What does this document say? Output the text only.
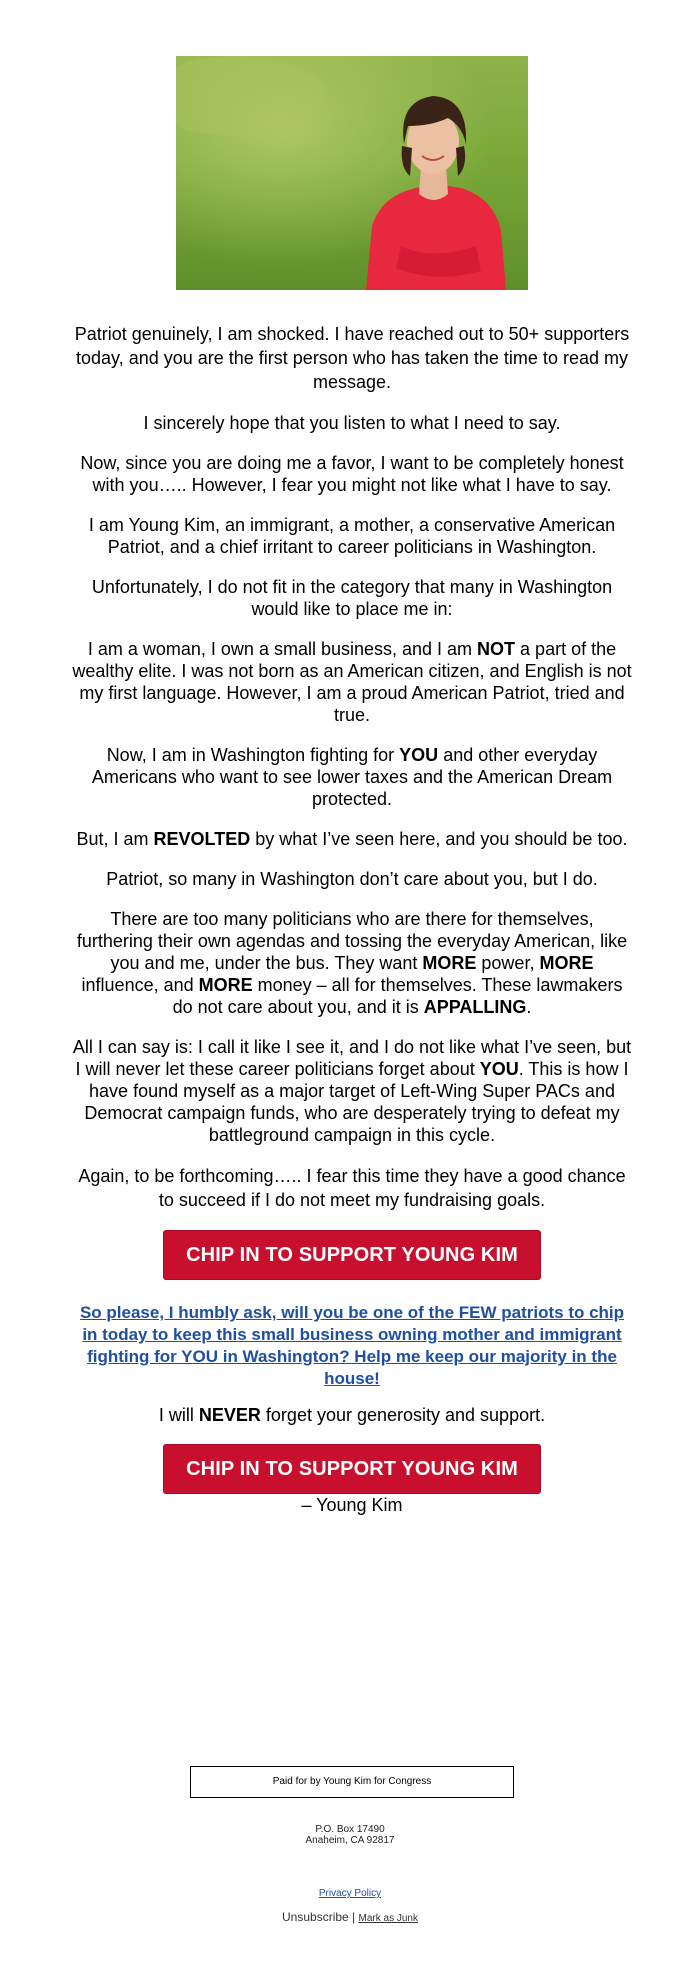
Patriot genuinely, I am shocked. I have reached out to 50+ supporters today, and you are the first person who has taken the time to read my message.

I sincerely hope that you listen to what I need to say.

Now, since you are doing me a favor, I want to be completely honest with you….. However, I fear you might not like what I have to say.

I am Young Kim, an immigrant, a mother, a conservative American Patriot, and a chief irritant to career politicians in Washington.

Unfortunately, I do not fit in the category that many in Washington would like to place me in:

I am a woman, I own a small business, and I am NOT a part of the wealthy elite. I was not born as an American citizen, and English is not my first language. However, I am a proud American Patriot, tried and true.

Now, I am in Washington fighting for YOU and other everyday Americans who want to see lower taxes and the American Dream protected.

But, I am REVOLTED by what I’ve seen here, and you should be too.

Patriot, so many in Washington don’t care about you, but I do.

There are too many politicians who are there for themselves, furthering their own agendas and tossing the everyday American, like you and me, under the bus. They want MORE power, MORE influence, and MORE money – all for themselves. These lawmakers do not care about you, and it is APPALLING.

All I can say is: I call it like I see it, and I do not like what I’ve seen, but I will never let these career politicians forget about YOU. This is how I have found myself as a major target of Left-Wing Super PACs and Democrat campaign funds, who are desperately trying to defeat my battleground campaign in this cycle.

Again, to be forthcoming….. I fear this time they have a good chance to succeed if I do not meet my fundraising goals.

CHIP IN TO SUPPORT YOUNG KIM
So please, I humbly ask, will you be one of the FEW patriots to chip in today to keep this small business owning mother and immigrant fighting for YOU in Washington? Help me keep our majority in the house!

I will NEVER forget your generosity and support.

CHIP IN TO SUPPORT YOUNG KIM

– Young Kim

Paid for by Young Kim for Congress
P.O. Box 17490
Anaheim, CA 92817
Privacy Policy
Unsubscribe | Mark as Junk
